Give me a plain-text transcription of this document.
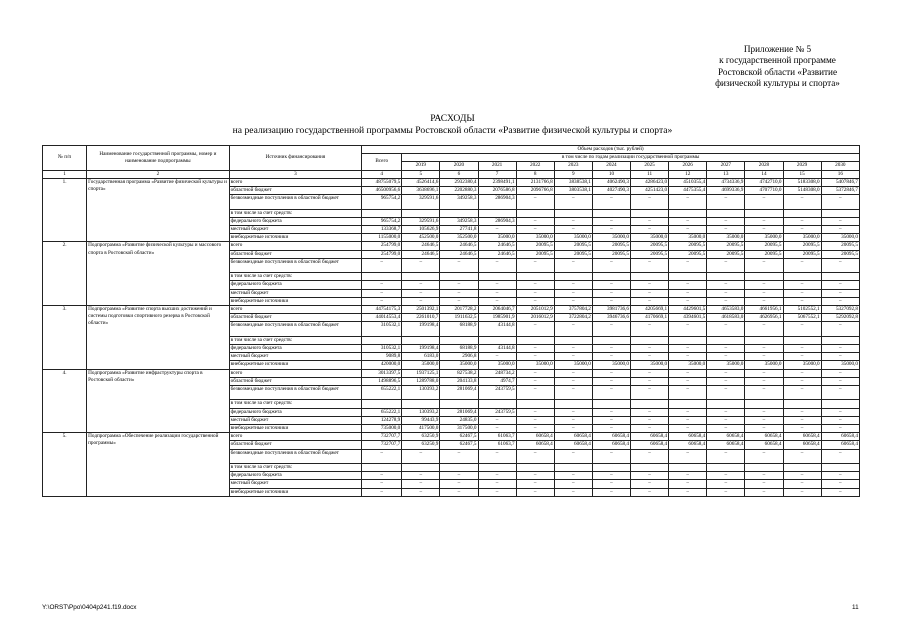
Приложение № 5
к государственной программе
Ростовской области «Развитие
физической культуры и спорта»
РАСХОДЫ
на реализацию государственной программы Ростовской области «Развитие физической культуры и спорта»
№ п/п	Наименование государственной программы, номер и наименование подпрограммы	Источник финансирования	Объем расходов (тыс. рублей)												
			Всего	в том числе по годам реализации государственной программы											
				2019	2020	2021	2022	2023	2024	2025	2026	2027	2028	2029	2030
1	2	3	4	5	6	7	8	9	10	11	12	13	14	15	16
1.	Государственная программа «Развитие физической культуры и спорта»	всего	48755079,5	4526414,6	2932380,4	2398491,1	2131766,8	3838538,1	4062490,3	4286423,0	4510355,4	4734336,9	4742710,0	5183308,0	5407846,7
		областной бюджет	46500956,6	3638696,1	2202880,3	2076586,8	2096766,8	3803538,1	4027490,3	4251423,0	4475355,4	4699336,9	4707710,0	5148308,0	5372846,7
		безвозмездные поступления в областной бюджет	965754,2	329591,6	349258,3	286904,3	–	–	–	–	–	–	–	–	–
		в том числе за счет средств:													
		федерального бюджета	965754,2	329591,6	349258,3	286904,3	–	–	–	–	–	–	–	–	–
		местный бюджет	133368,7	105626,9	27741,8	–	–	–	–	–	–	–	–	–	–
		внебюджетные источники	1155000,0	452500,0	352500,0	35000,0	35000,0	35000,0	35000,0	35000,0	35000,0	35000,0	35000,0	35000,0	35000,0
2.	Подпрограмма «Развитие физической культуры и массового спорта в Ростовской области»	всего	254799,0	24646,5	24646,5	24646,5	20095,5	20095,5	20095,5	20095,5	20095,5	20095,5	20095,5	20095,5	20095,5
		областной бюджет	254799,0	24646,5	24646,5	24646,5	20095,5	20095,5	20095,5	20095,5	20095,5	20095,5	20095,5	20095,5	20095,5
		безвозмездные поступления в областной бюджет	–	–	–	–	–	–	–	–	–	–	–	–	–
		в том числе за счет средств:													
		федерального бюджета	–	–	–	–	–	–	–	–	–	–	–	–	–
		местный бюджет	–	–	–	–	–	–	–	–	–	–	–	–	–
		внебюджетные источники	–	–	–	–	–	–	–	–	–	–	–	–	–
3.	Подпрограмма «Развитие спорта высших достижений и системы подготовки спортивного резерва в Ростовской области»	всего	44754175,3	2501392,1	2017728,2	2064046,7	2051012,9	3757804,2	3981736,6	4205669,1	4429601,5	4653583,0	4661956,1	5102552,1	5327092,8
		областной бюджет	44014553,4	2261010,7	1911632,5	1985901,9	2016012,9	3722804,2	3946736,6	4170669,1	4394601,5	4618583,0	4626956,1	5067552,1	5292092,8
		безвозмездные поступления в областной бюджет	310532,1	199198,4	68188,9	43144,8	–	–	–	–	–	–	–	–	–
		в том числе за счет средств:													
		федерального бюджета	310532,1	199198,4	68188,9	43144,8	–	–	–	–	–	–	–	–	–
		местный бюджет	9089,8	6183,0	2906,8	–	–	–	–	–	–	–	–	–	–
		внебюджетные источники	420000,0	35000,0	35000,0	35000,0	35000,0	35000,0	35000,0	35000,0	35000,0	35000,0	35000,0	35000,0	35000,0
4.	Подпрограмма «Развитие инфраструктуры спорта в Ростовской области»	всего	3013397,5	1937125,1	827538,2	248734,2	–	–	–	–	–	–	–	–	–
		областной бюджет	1498896,5	1289788,0	204133,8	4974,7	–	–	–	–	–	–	–	–	–
		безвозмездные поступления в областной бюджет	655222,1	130393,2	281069,4	243759,5	–	–	–	–	–	–	–	–	–
		в том числе за счет средств:													
		федерального бюджета	655222,1	130393,2	281069,4	243759,5	–	–	–	–	–	–	–	–	–
		местный бюджет	124278,9	99443,9	24835,0	–	–	–	–	–	–	–	–	–	–
		внебюджетные источники	735000,0	417500,0	317500,0	–	–	–	–	–	–	–	–	–	–
5.	Подпрограмма «Обеспечение реализации государственной программы»	всего	732707,7	63250,9	62467,5	61063,7	60658,4	60658,4	60658,4	60658,4	60658,4	60658,4	60658,4	60658,4	60658,4
		областной бюджет	732707,7	63250,9	62467,5	61063,7	60658,4	60658,4	60658,4	60658,4	60658,4	60658,4	60658,4	60658,4	60658,4
		безвозмездные поступления в областной бюджет	–	–	–	–	–	–	–	–	–	–	–	–	–
		в том числе за счет средств:													
		федерального бюджета	–	–	–	–	–	–	–	–	–	–	–	–	–
		местный бюджет	–	–	–	–	–	–	–	–	–	–	–	–	–
		внебюджетные источники	–	–	–	–	–	–	–	–	–	–	–	–	–
Y:\ORST\Ppo\0404p241.f19.docx	11
